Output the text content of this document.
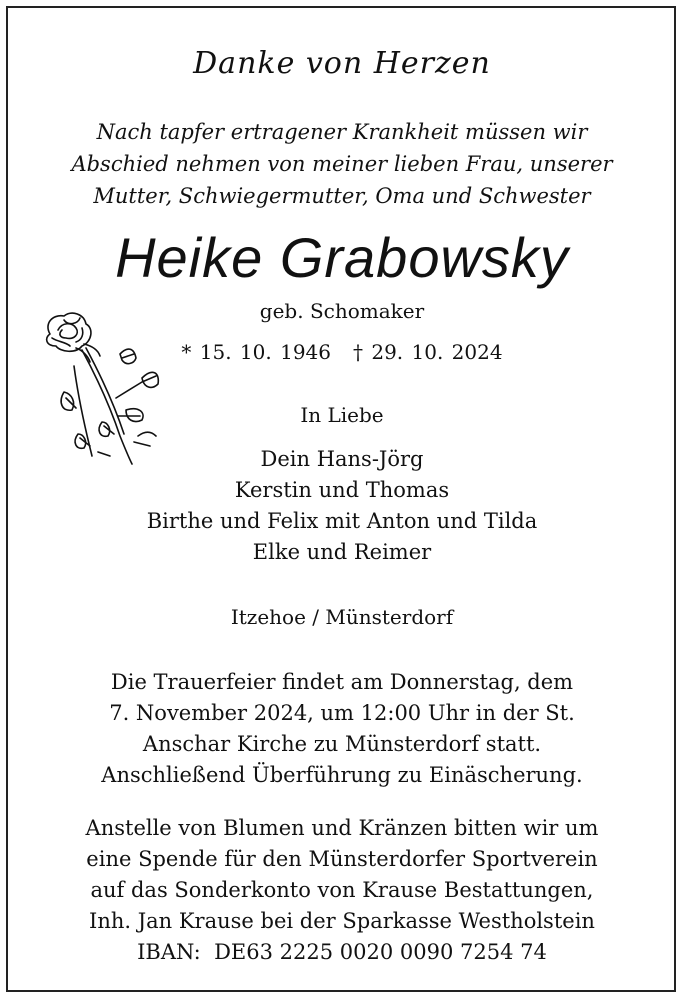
Danke von Herzen
Nach tapfer ertragener Krankheit müssen wir
Abschied nehmen von meiner lieben Frau, unserer
Mutter, Schwiegermutter, Oma und Schwester
Heike Grabowsky
geb. Schomaker
* 15. 10. 1946 † 29. 10. 2024
In Liebe
Dein Hans-Jörg
Kerstin und Thomas
Birthe und Felix mit Anton und Tilda
Elke und Reimer
Itzehoe / Münsterdorf
Die Trauerfeier findet am Donnerstag, dem
7. November 2024, um 12:00 Uhr in der St.
Anschar Kirche zu Münsterdorf statt.
Anschließend Überführung zu Einäscherung.
Anstelle von Blumen und Kränzen bitten wir um
eine Spende für den Münsterdorfer Sportverein
auf das Sonderkonto von Krause Bestattungen,
Inh. Jan Krause bei der Sparkasse Westholstein
IBAN:  DE63 2225 0020 0090 7254 74
